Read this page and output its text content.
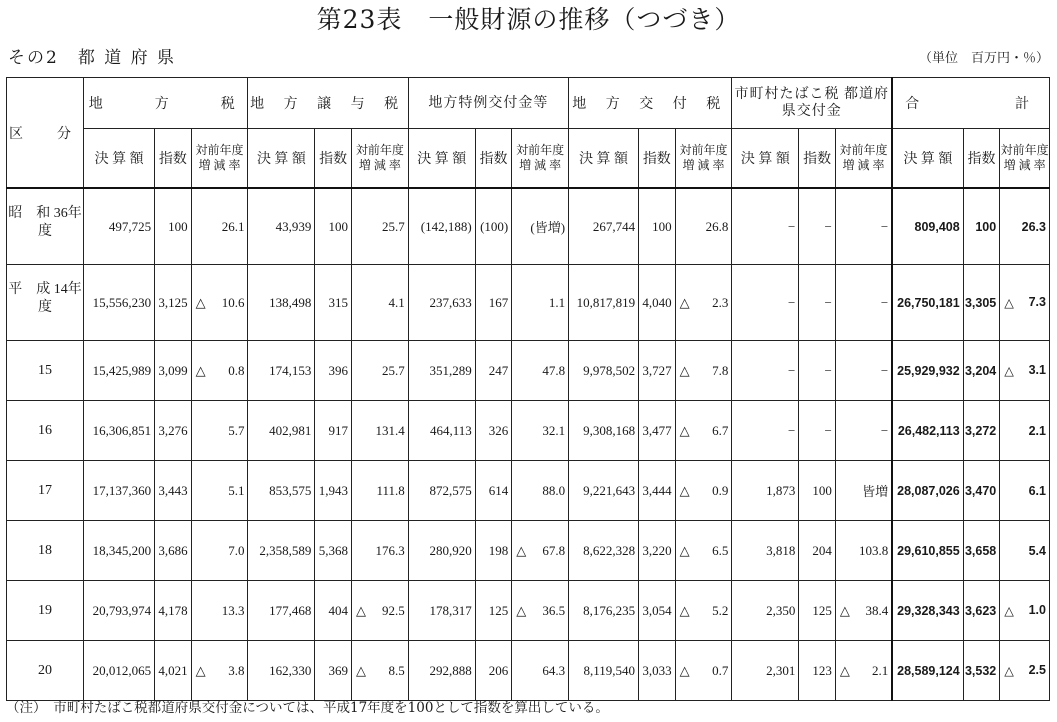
第23表　一般財源の推移（つづき）
その2　都 道 府 県	（単位　百万円・％）
区　分	地　　方　　税			地 方 譲 与 税			地方特例交付金等			地 方 交 付 税			市町村たばこ税 都道府県交付金			合　　　　計		
	決 算 額	指数	対前年度 増 減 率	決 算 額	指数	対前年度 増 減 率	決 算 額	指数	対前年度 増 減 率	決 算 額	指数	対前年度 増 減 率	決 算 額	指数	対前年度 増 減 率	決 算 額	指数	対前年度 増 減 率
昭　和 36年度	497,725	100	26.1	43,939	100	25.7	(142,188)	(100)	(皆増)	267,744	100	26.8	−	−	−	809,408	100	26.3
平　成 14年度	15,556,230	3,125	△ 10.6	138,498	315	4.1	237,633	167	1.1	10,817,819	4,040	△ 2.3	−	−	−	26,750,181	3,305	△ 7.3
15	15,425,989	3,099	△ 0.8	174,153	396	25.7	351,289	247	47.8	9,978,502	3,727	△ 7.8	−	−	−	25,929,932	3,204	△ 3.1
16	16,306,851	3,276	5.7	402,981	917	131.4	464,113	326	32.1	9,308,168	3,477	△ 6.7	−	−	−	26,482,113	3,272	2.1
17	17,137,360	3,443	5.1	853,575	1,943	111.8	872,575	614	88.0	9,221,643	3,444	△ 0.9	1,873	100	皆増	28,087,026	3,470	6.1
18	18,345,200	3,686	7.0	2,358,589	5,368	176.3	280,920	198	△ 67.8	8,622,328	3,220	△ 6.5	3,818	204	103.8	29,610,855	3,658	5.4
19	20,793,974	4,178	13.3	177,468	404	△ 92.5	178,317	125	△ 36.5	8,176,235	3,054	△ 5.2	2,350	125	△ 38.4	29,328,343	3,623	△ 1.0
20	20,012,065	4,021	△ 3.8	162,330	369	△ 8.5	292,888	206	64.3	8,119,540	3,033	△ 0.7	2,301	123	△ 2.1	28,589,124	3,532	△ 2.5
（注）　市町村たばこ税都道府県交付金については、平成17年度を100として指数を算出している。
